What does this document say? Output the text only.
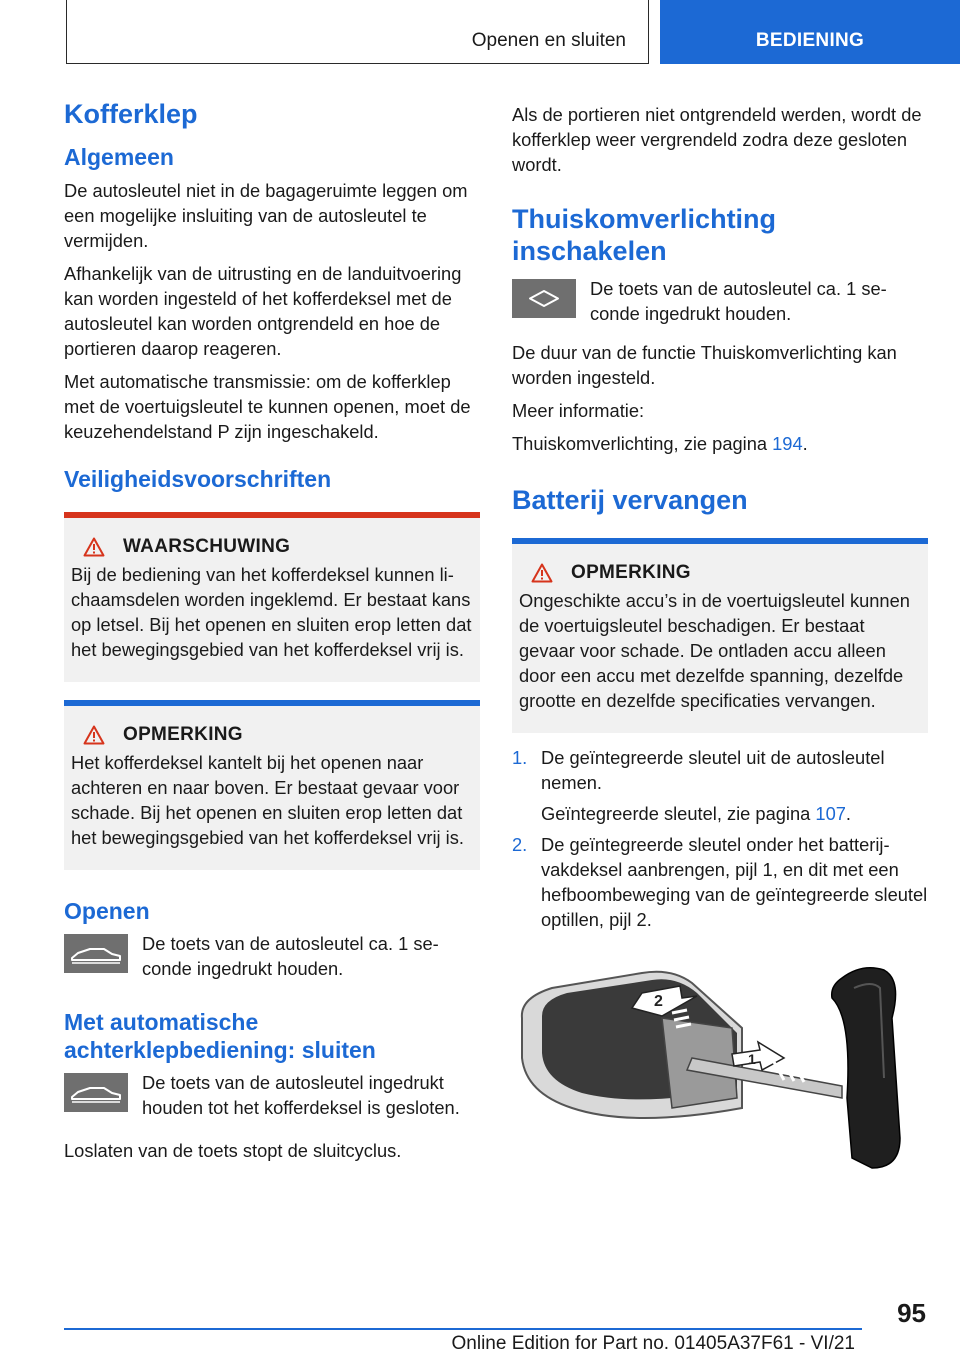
Openen en sluiten	BEDIENING
Kofferklep
Algemeen

De autosleutel niet in de bagageruimte leggen om een mogelijke insluiting van de autosleutel te vermijden.

Afhankelijk van de uitrusting en de landuitvoering kan worden ingesteld of het kofferdeksel met de autosleutel kan worden ontgrendeld en hoe de portieren daarop reageren.

Met automatische transmissie: om de kofferklep met de voertuigsleutel te kunnen openen, moet de keuzehendelstand P zijn ingeschakeld.

Veiligheidsvoorschriften
WAARSCHUWING

Bij de bediening van het kofferdeksel kunnen lichaamsdelen worden ingeklemd. Er bestaat kans op letsel. Bij het openen en sluiten erop letten dat het bewegingsgebied van het kofferdeksel vrij is.

OPMERKING

Het kofferdeksel kantelt bij het openen naar achteren en naar boven. Er bestaat gevaar voor schade. Bij het openen en sluiten erop letten dat het bewegingsgebied van het kofferdeksel vrij is.

Openen

De toets van de autosleutel ca. 1 seconde ingedrukt houden.

Met automatische achterklepbediening: sluiten

De toets van de autosleutel ingedrukt houden tot het kofferdeksel is gesloten.

Loslaten van de toets stopt de sluitcyclus.

Als de portieren niet ontgrendeld werden, wordt de kofferklep weer vergrendeld zodra deze gesloten wordt.

Thuiskomverlichting inschakelen

De toets van de autosleutel ca. 1 seconde ingedrukt houden.

De duur van de functie Thuiskomverlichting kan worden ingesteld.

Meer informatie:

Thuiskomverlichting, zie pagina 194.

Batterij vervangen
OPMERKING

Ongeschikte accu’s in de voertuigsleutel kunnen de voertuigsleutel beschadigen. Er bestaat gevaar voor schade. De ontladen accu alleen door een accu met dezelfde spanning, dezelfde grootte en dezelfde specificaties vervangen.

1. De geïntegreerde sleutel uit de autosleutel nemen.
Geïntegreerde sleutel, zie pagina 107.
2. De geïntegreerde sleutel onder het batterijvakdeksel aanbrengen, pijl 1, en dit met een hefboombeweging van de geïntegreerde sleutel optillen, pijl 2.
2
1
95
Online Edition for Part no. 01405A37F61 - VI/21
